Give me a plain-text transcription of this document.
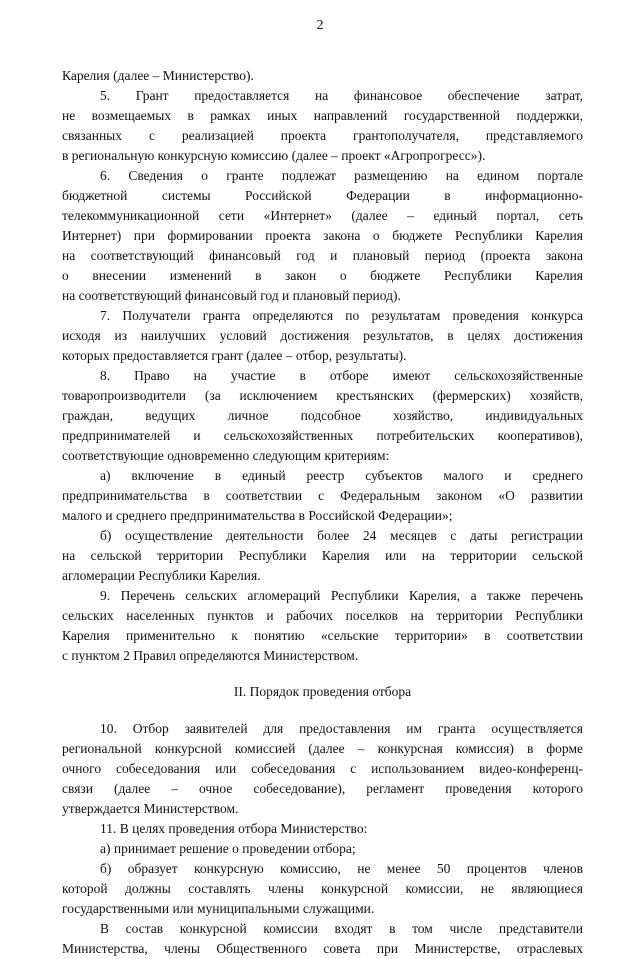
2
Карелия (далее – Министерство).
5. Грант предоставляется на финансовое обеспечение затрат,
не возмещаемых в рамках иных направлений государственной поддержки,
связанных с реализацией проекта грантополучателя, представляемого
в региональную конкурсную комиссию (далее – проект «Агропрогресс»).
6. Сведения о гранте подлежат размещению на едином портале
бюджетной системы Российской Федерации в информационно-
телекоммуникационной сети «Интернет» (далее – единый портал, сеть
Интернет) при формировании проекта закона о бюджете Республики Карелия
на соответствующий финансовый год и плановый период (проекта закона
о внесении изменений в закон о бюджете Республики Карелия
на соответствующий финансовый год и плановый период).
7. Получатели гранта определяются по результатам проведения конкурса
исходя из наилучших условий достижения результатов, в целях достижения
которых предоставляется грант (далее – отбор, результаты).
8. Право на участие в отборе имеют сельскохозяйственные
товаропроизводители (за исключением крестьянских (фермерских) хозяйств,
граждан, ведущих личное подсобное хозяйство, индивидуальных
предпринимателей и сельскохозяйственных потребительских кооперативов),
соответствующие одновременно следующим критериям:
а) включение в единый реестр субъектов малого и среднего
предпринимательства в соответствии с Федеральным законом «О развитии
малого и среднего предпринимательства в Российской Федерации»;
б) осуществление деятельности более 24 месяцев с даты регистрации
на сельской территории Республики Карелия или на территории сельской
агломерации Республики Карелия.
9. Перечень сельских агломераций Республики Карелия, а также перечень
сельских населенных пунктов и рабочих поселков на территории Республики
Карелия применительно к понятию «сельские территории» в соответствии
с пунктом 2 Правил определяются Министерством.
II. Порядок проведения отбора
10. Отбор заявителей для предоставления им гранта осуществляется
региональной конкурсной комиссией (далее – конкурсная комиссия) в форме
очного собеседования или собеседования с использованием видео-конференц-
связи (далее – очное собеседование), регламент проведения которого
утверждается Министерством.
11. В целях проведения отбора Министерство:
а) принимает решение о проведении отбора;
б) образует конкурсную комиссию, не менее 50 процентов членов
которой должны составлять члены конкурсной комиссии, не являющиеся
государственными или муниципальными служащими.
В состав конкурсной комиссии входят в том числе представители
Министерства, члены Общественного совета при Министерстве, отраслевых
